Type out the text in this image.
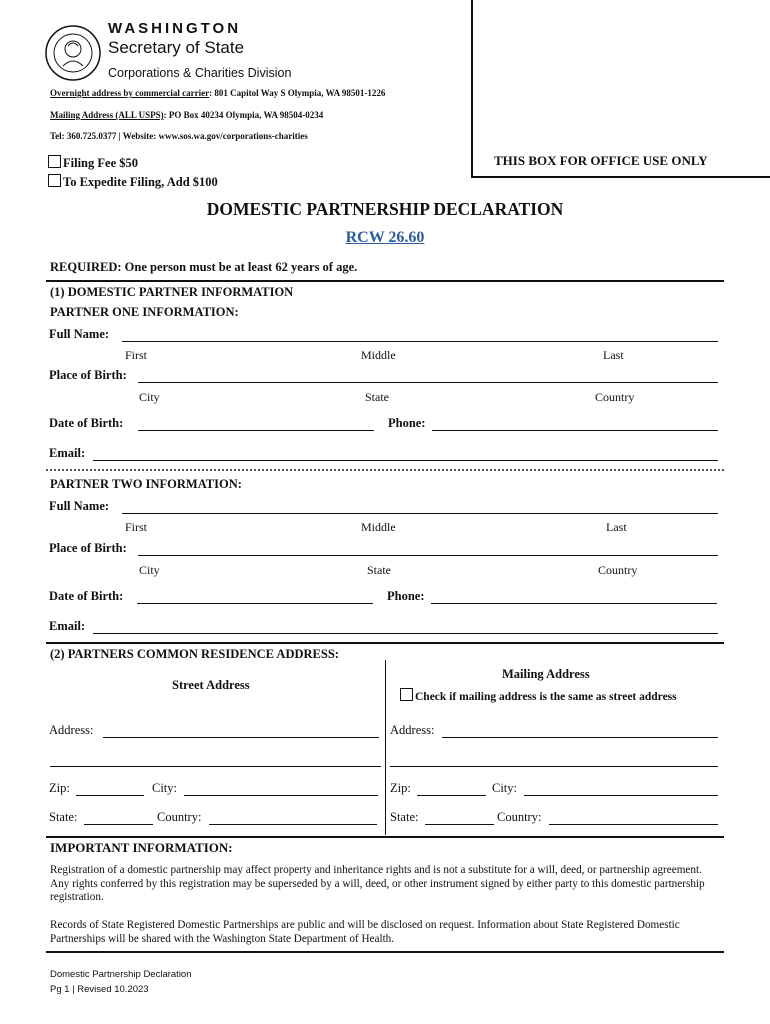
WASHINGTON
Secretary of State
Corporations & Charities Division
Overnight address by commercial carrier: 801 Capitol Way S Olympia, WA 98501-1226
Mailing Address (ALL USPS): PO Box 40234 Olympia, WA 98504-0234
Tel: 360.725.0377 | Website: www.sos.wa.gov/corporations-charities
THIS BOX FOR OFFICE USE ONLY
Filing Fee $50
To Expedite Filing, Add $100
DOMESTIC PARTNERSHIP DECLARATION
RCW 26.60
REQUIRED: One person must be at least 62 years of age.
(1) DOMESTIC PARTNER INFORMATION
PARTNER ONE INFORMATION:
Full Name:
First	Middle	Last
Place of Birth:
City	State	Country
Date of Birth:	Phone:
Email:
PARTNER TWO INFORMATION:
Full Name:
First	Middle	Last
Place of Birth:
City	State	Country
Date of Birth:	Phone:
Email:
(2) PARTNERS COMMON RESIDENCE ADDRESS:
Street Address
Mailing Address
Check if mailing address is the same as street address
Address:	Address:
Zip:	City:	Zip:	City:
State:	Country:	State:	Country:
IMPORTANT INFORMATION:
Registration of a domestic partnership may affect property and inheritance rights and is not a substitute for a will, deed, or partnership agreement. Any rights conferred by this registration may be superseded by a will, deed, or other instrument signed by either party to this domestic partnership registration.
Records of State Registered Domestic Partnerships are public and will be disclosed on request. Information about State Registered Domestic Partnerships will be shared with the Washington State Department of Health.
Domestic Partnership Declaration
Pg 1 | Revised 10.2023
